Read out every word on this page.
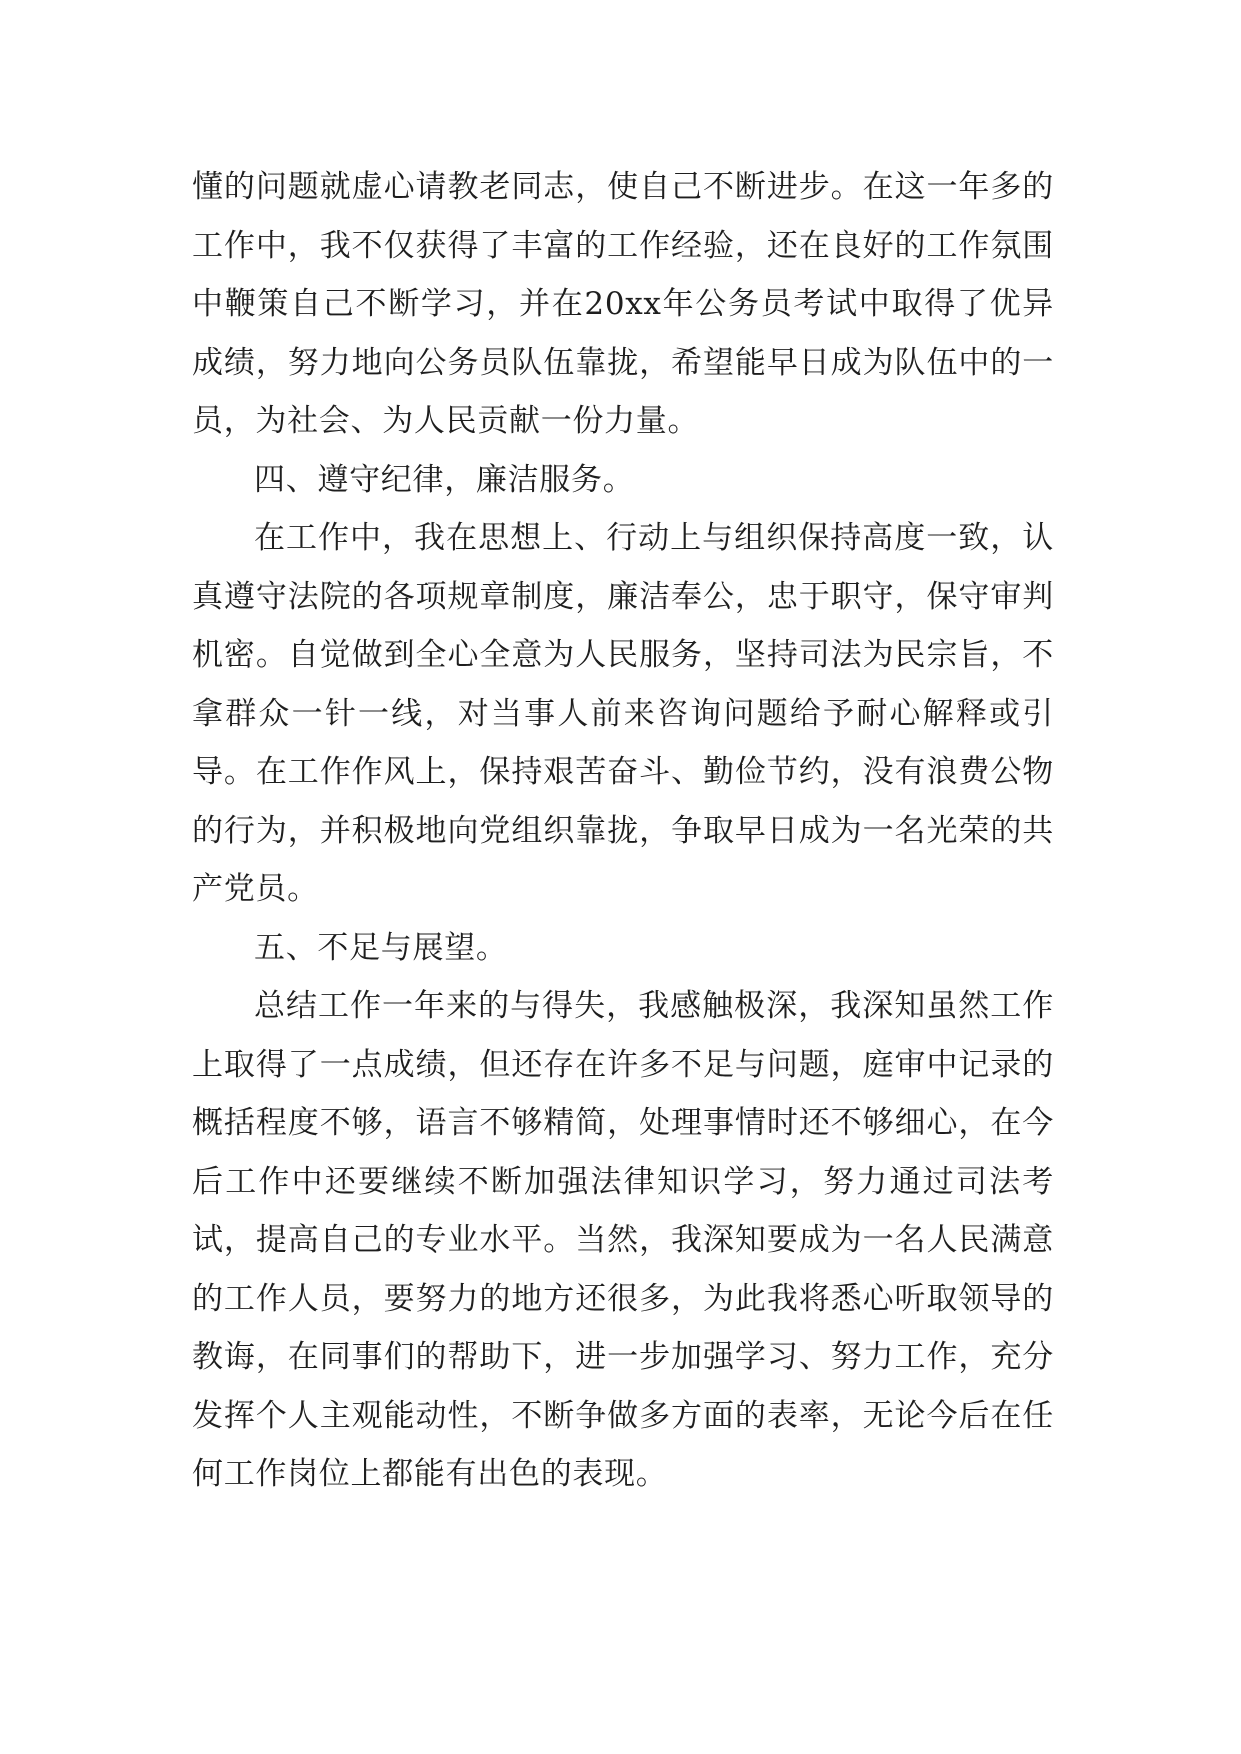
懂的问题就虚心请教老同志，使自己不断进步。在这一年多的工作中，我不仅获得了丰富的工作经验，还在良好的工作氛围中鞭策自己不断学习，并在20xx年公务员考试中取得了优异成绩，努力地向公务员队伍靠拢，希望能早日成为队伍中的一员，为社会、为人民贡献一份力量。

四、遵守纪律，廉洁服务。

在工作中，我在思想上、行动上与组织保持高度一致，认真遵守法院的各项规章制度，廉洁奉公，忠于职守，保守审判机密。自觉做到全心全意为人民服务，坚持司法为民宗旨，不拿群众一针一线，对当事人前来咨询问题给予耐心解释或引导。在工作作风上，保持艰苦奋斗、勤俭节约，没有浪费公物的行为，并积极地向党组织靠拢，争取早日成为一名光荣的共产党员。

五、不足与展望。

总结工作一年来的与得失，我感触极深，我深知虽然工作上取得了一点成绩，但还存在许多不足与问题，庭审中记录的概括程度不够，语言不够精简，处理事情时还不够细心，在今后工作中还要继续不断加强法律知识学习，努力通过司法考试，提高自己的专业水平。当然，我深知要成为一名人民满意的工作人员，要努力的地方还很多，为此我将悉心听取领导的教诲，在同事们的帮助下，进一步加强学习、努力工作，充分发挥个人主观能动性，不断争做多方面的表率，无论今后在任何工作岗位上都能有出色的表现。
